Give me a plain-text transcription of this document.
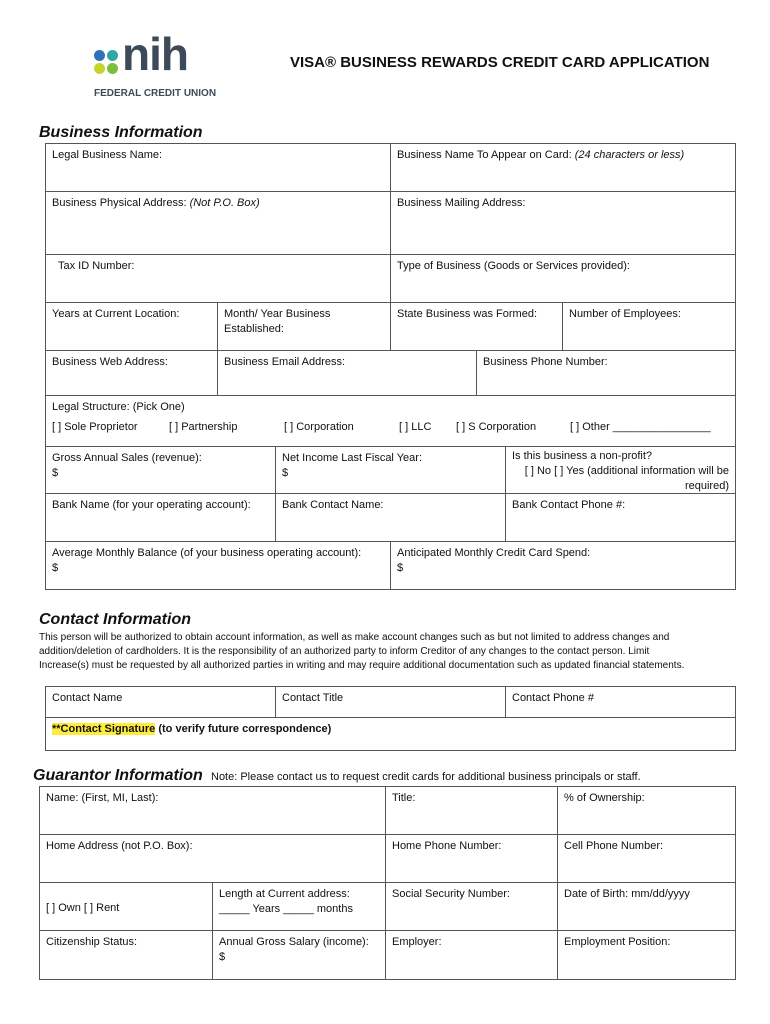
nih
FEDERAL CREDIT UNION
VISA® BUSINESS REWARDS CREDIT CARD APPLICATION
Business Information
Legal Business Name:	Business Name To Appear on Card: (24 characters or less)
Business Physical Address: (Not P.O. Box)	Business Mailing Address:
Tax ID Number:	Type of Business (Goods or Services provided):
Years at Current Location:	Month/ Year Business Established:
State Business was Formed:	Number of Employees:
Business Web Address:	Business Email Address:	Business Phone Number:
Legal Structure: (Pick One)
[ ] Sole Proprietor	[ ] Partnership	[ ] Corporation	[ ] LLC [ ] S Corporation	[ ] Other ________________
Gross Annual Sales (revenue):
$
Net Income Last Fiscal Year:
$
Is this business a non-profit?
[ ] No [ ] Yes (additional information will be required)
Bank Name (for your operating account):	Bank Contact Name:	Bank Contact Phone #:
Average Monthly Balance (of your business operating account):
$
Anticipated Monthly Credit Card Spend:
$
Contact Information
This person will be authorized to obtain account information, as well as make account changes such as but not limited to address changes and
addition/deletion of cardholders. It is the responsibility of an authorized party to inform Creditor of any changes to the contact person. Limit
Increase(s) must be requested by all authorized parties in writing and may require additional documentation such as updated financial statements.
Contact Name	Contact Title	Contact Phone #
**Contact Signature (to verify future correspondence)
Guarantor Information Note: Please contact us to request credit cards for additional business principals or staff.
Name: (First, MI, Last):	Title:	% of Ownership:
Home Address (not P.O. Box):	Home Phone Number:	Cell Phone Number:
[ ] Own [ ] Rent
Length at Current address:
_____ Years _____ months
Social Security Number:	Date of Birth: mm/dd/yyyy
Citizenship Status:	Annual Gross Salary (income):
$
Employer:	Employment Position:
